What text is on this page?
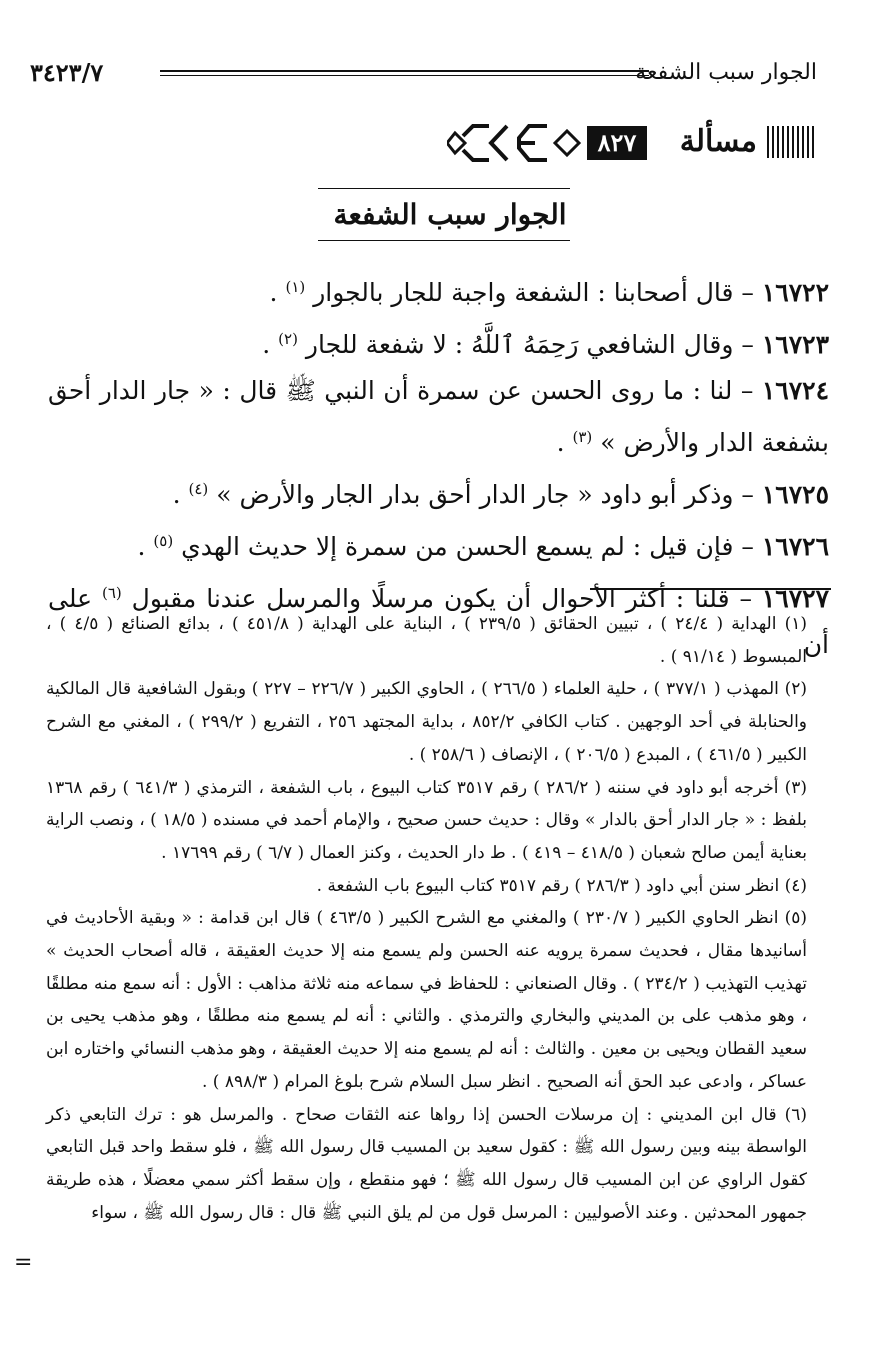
الجوار سبب الشفعة
٣٤٢٣/٧
مسألة
٨٢٧
الجوار سبب الشفعة

١٦٧٢٢ – قال أصحابنا : الشفعة واجبة للجار بالجوار $^{(١)}$ .

١٦٧٢٣ – وقال الشافعي رَحِمَهُ ٱللَّهُ : لا شفعة للجار $^{(٢)}$ .

١٦٧٢٤ – لنا : ما روى الحسن عن سمرة أن النبي ﷺ قال : « جار الدار أحق بشفعة الدار والأرض » $^{(٣)}$ .

١٦٧٢٥ – وذكر أبو داود « جار الدار أحق بدار الجار والأرض » $^{(٤)}$ .

١٦٧٢٦ – فإن قيل : لم يسمع الحسن من سمرة إلا حديث الهدي $^{(٥)}$ .

١٦٧٢٧ – قلنا : أكثر الأحوال أن يكون مرسلًا والمرسل عندنا مقبول $^{(٦)}$ على أن

(١) الهداية ( ٢٤/٤ ) ، تبيين الحقائق ( ٢٣٩/٥ ) ، البناية على الهداية ( ٤٥١/٨ ) ، بدائع الصنائع ( ٤/٥ ) ، المبسوط ( ٩١/١٤ ) .

(٢) المهذب ( ٣٧٧/١ ) ، حلية العلماء ( ٢٦٦/٥ ) ، الحاوي الكبير ( ٢٢٦/٧ – ٢٢٧ ) وبقول الشافعية قال المالكية والحنابلة في أحد الوجهين . كتاب الكافي ٨٥٢/٢ ، بداية المجتهد ٢٥٦ ، التفريع ( ٢٩٩/٢ ) ، المغني مع الشرح الكبير ( ٤٦١/٥ ) ، المبدع ( ٢٠٦/٥ ) ، الإنصاف ( ٢٥٨/٦ ) .

(٣) أخرجه أبو داود في سننه ( ٢٨٦/٢ ) رقم ٣٥١٧ كتاب البيوع ، باب الشفعة ، الترمذي ( ٦٤١/٣ ) رقم ١٣٦٨ بلفظ : « جار الدار أحق بالدار » وقال : حديث حسن صحيح ، والإمام أحمد في مسنده ( ١٨/٥ ) ، ونصب الراية بعناية أيمن صالح شعبان ( ٤١٨/٥ – ٤١٩ ) . ط دار الحديث ، وكنز العمال ( ٦/٧ ) رقم ١٧٦٩٩ .

(٤) انظر سنن أبي داود ( ٢٨٦/٣ ) رقم ٣٥١٧ كتاب البيوع باب الشفعة .

(٥) انظر الحاوي الكبير ( ٢٣٠/٧ ) والمغني مع الشرح الكبير ( ٤٦٣/٥ ) قال ابن قدامة : « وبقية الأحاديث في أسانيدها مقال ، فحديث سمرة يرويه عنه الحسن ولم يسمع منه إلا حديث العقيقة ، قاله أصحاب الحديث » تهذيب التهذيب ( ٢٣٤/٢ ) . وقال الصنعاني : للحفاظ في سماعه منه ثلاثة مذاهب : الأول : أنه سمع منه مطلقًا ، وهو مذهب على بن المديني والبخاري والترمذي . والثاني : أنه لم يسمع منه مطلقًا ، وهو مذهب يحيى بن سعيد القطان ويحيى بن معين . والثالث : أنه لم يسمع منه إلا حديث العقيقة ، وهو مذهب النسائي واختاره ابن عساكر ، وادعى عبد الحق أنه الصحيح . انظر سبل السلام شرح بلوغ المرام ( ٨٩٨/٣ ) .

(٦) قال ابن المديني : إن مرسلات الحسن إذا رواها عنه الثقات صحاح . والمرسل هو : ترك التابعي ذكر الواسطة بينه وبين رسول الله ﷺ : كقول سعيد بن المسيب قال رسول الله ﷺ ، فلو سقط واحد قبل التابعي كقول الراوي عن ابن المسيب قال رسول الله ﷺ ؛ فهو منقطع ، وإن سقط أكثر سمي معضلًا ، هذه طريقة جمهور المحدثين . وعند الأصوليين : المرسل قول من لم يلق النبي ﷺ قال : قال رسول الله ﷺ ، سواء

=
